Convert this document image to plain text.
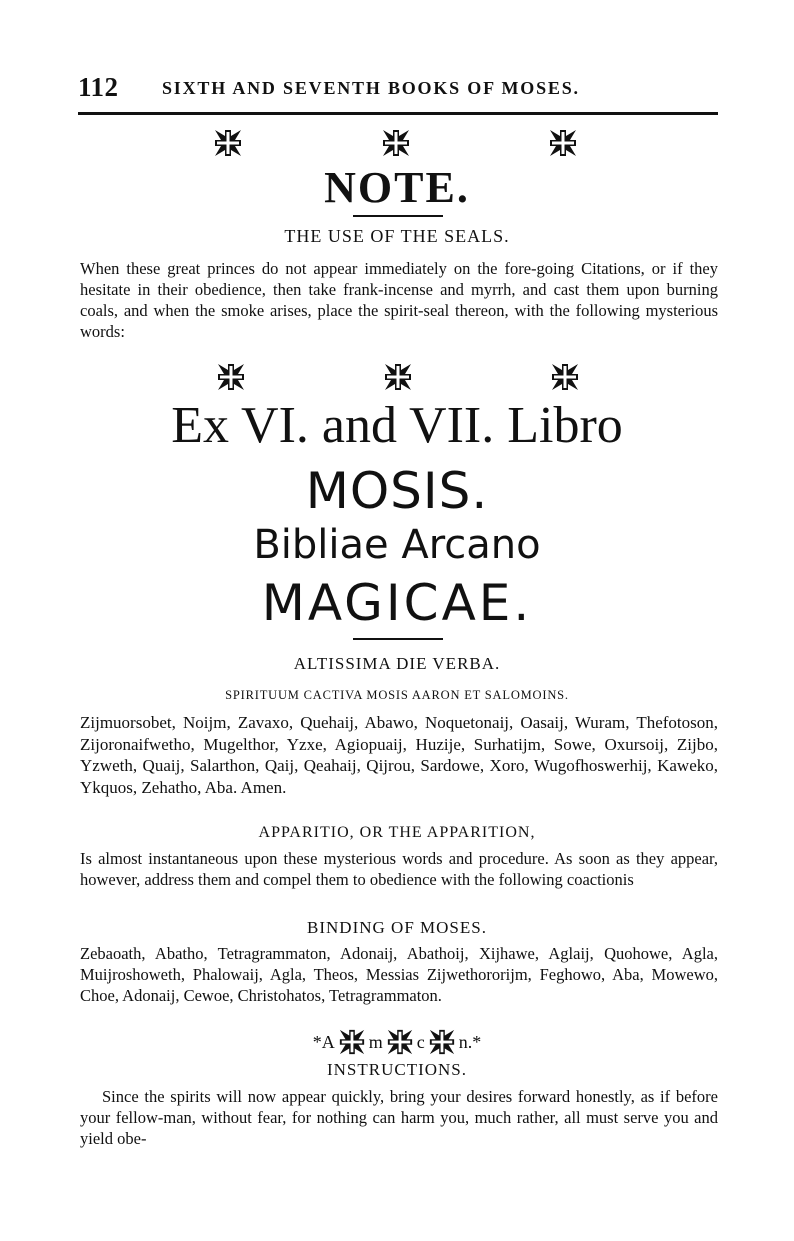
112 SIXTH AND SEVENTH BOOKS OF MOSES.
NOTE.
THE USE OF THE SEALS.
When these great princes do not appear immediately on the fore-going Citations, or if they hesitate in their obedience, then take frank-incense and myrrh, and cast them upon burning coals, and when the smoke arises, place the spirit-seal thereon, with the following mysterious words:
Ex VI. and VII. Libro
MOSIS.
Bibliae Arcano
MAGICAE.
ALTISSIMA DIE VERBA.
SPIRITUUM CACTIVA MOSIS AARON ET SALOMOINS.
Zijmuorsobet, Noijm, Zavaxo, Quehaij, Abawo, Noquetonaij, Oasaij, Wuram, Thefotoson, Zijoronaifwetho, Mugelthor, Yzxe, Agiopuaij, Huzije, Surhatijm, Sowe, Oxursoij, Zijbo, Yzweth, Quaij, Salarthon, Qaij, Qeahaij, Qijrou, Sardowe, Xoro, Wugofhoswerhij, Kaweko, Ykquos, Zehatho, Aba. Amen.
APPARITIO, OR THE APPARITION,
Is almost instantaneous upon these mysterious words and procedure. As soon as they appear, however, address them and compel them to obedience with the following coactionis
BINDING OF MOSES.
Zebaoath, Abatho, Tetragrammaton, Adonaij, Abathoij, Xijhawe, Aglaij, Quohowe, Agla, Muijroshoweth, Phalowaij, Agla, Theos, Messias Zijwethororijm, Feghowo, Aba, Mowewo, Choe, Adonaij, Cewoe, Christohatos, Tetragrammaton.
*A m c n.*
INSTRUCTIONS.
Since the spirits will now appear quickly, bring your desires forward honestly, as if before your fellow-man, without fear, for nothing can harm you, much rather, all must serve you and yield obe-
